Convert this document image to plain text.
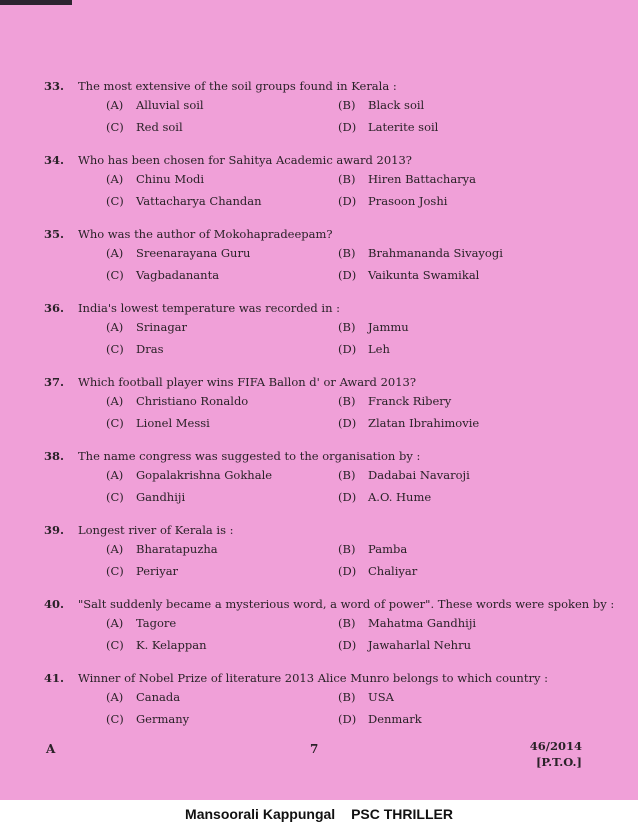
33.	The most extensive of the soil groups found in Kerala :
(A)	Alluvial soil	(B)	Black soil
(C)	Red soil	(D)	Laterite soil
34.	Who has been chosen for Sahitya Academic award 2013?
(A)	Chinu Modi	(B)	Hiren Battacharya
(C)	Vattacharya Chandan	(D)	Prasoon Joshi
35.	Who was the author of Mokohapradeepam?
(A)	Sreenarayana Guru	(B)	Brahmananda Sivayogi
(C)	Vagbadananta	(D)	Vaikunta Swamikal
36.	India's lowest temperature was recorded in :
(A)	Srinagar	(B)	Jammu
(C)	Dras	(D)	Leh
37.	Which football player wins FIFA Ballon d' or Award 2013?
(A)	Christiano Ronaldo	(B)	Franck Ribery
(C)	Lionel Messi	(D)	Zlatan Ibrahimovie
38.	The name congress was suggested to the organisation by :
(A)	Gopalakrishna Gokhale	(B)	Dadabai Navaroji
(C)	Gandhiji	(D)	A.O. Hume
39.	Longest river of Kerala is :
(A)	Bharatapuzha	(B)	Pamba
(C)	Periyar	(D)	Chaliyar
40.	"Salt suddenly became a mysterious word, a word of power". These words were spoken by :
(A)	Tagore	(B)	Mahatma Gandhiji
(C)	K. Kelappan	(D)	Jawaharlal Nehru
41.	Winner of Nobel Prize of literature 2013 Alice Munro belongs to which country :
(A)	Canada	(B)	USA
(C)	Germany	(D)	Denmark
A	7	46/2014
[P.T.O.]
Mansoorali Kappungal PSC THRILLER
